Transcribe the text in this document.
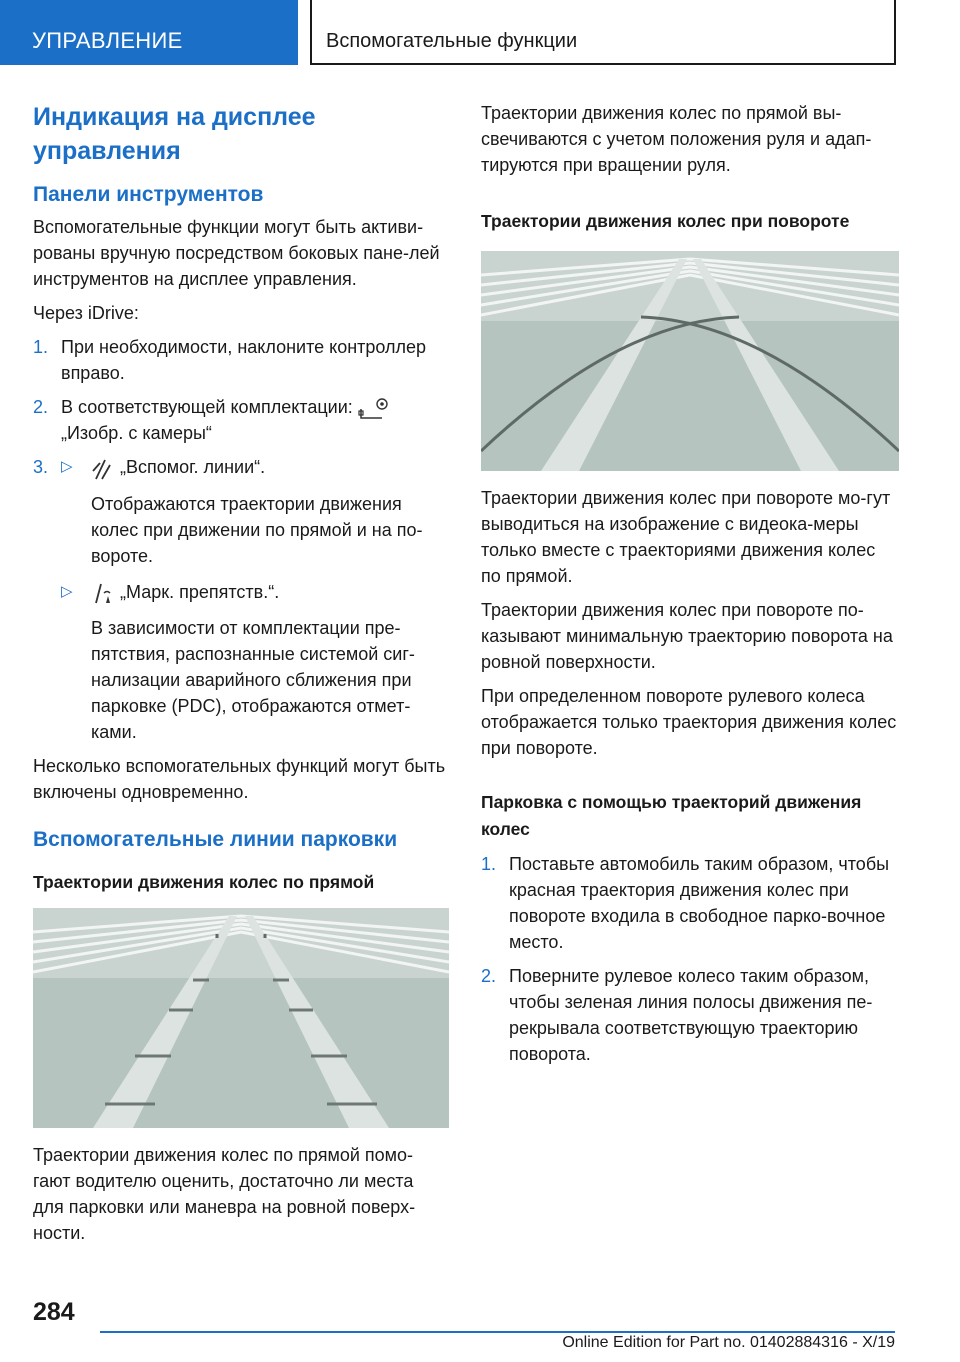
УПРАВЛЕНИЕ	Вспомогательные функции
Индикация на дисплее управления
Панели инструментов

Вспомогательные функции могут быть активи-рованы вручную посредством боковых пане-лей инструментов на дисплее управления.

Через iDrive:

1. При необходимости, наклоните контроллер вправо.
2. В соответствующей комплектации:
„Изобр. с камеры“
3. ▷	„Вспомог. линии“.
Отображаются траектории движения колес при движении по прямой и на по-вороте.
▷	„Марк. препятств.“.
В зависимости от комплектации пре-пятствия, распознанные системой сиг-нализации аварийного сближения при парковке (PDC), отображаются отмет-ками.

Несколько вспомогательных функций могут быть включены одновременно.

Вспомогательные линии парковки
Траектории движения колес по прямой

Траектории движения колес по прямой помо-гают водителю оценить, достаточно ли места для парковки или маневра на ровной поверх-ности.

Траектории движения колес по прямой вы-свечиваются с учетом положения руля и адап-тируются при вращении руля.

Траектории движения колес при повороте

Траектории движения колес при повороте мо-гут выводиться на изображение с видеока-меры только вместе с траекториями движения колес по прямой.

Траектории движения колес при повороте по-казывают минимальную траекторию поворота на ровной поверхности.

При определенном повороте рулевого колеса отображается только траектория движения колес при повороте.

Парковка с помощью траекторий движения колес
1. Поставьте автомобиль таким образом, чтобы красная траектория движения колес при повороте входила в свободное парко-вочное место.
2. Поверните рулевое колесо таким образом, чтобы зеленая линия полосы движения пе-рекрывала соответствующую траекторию поворота.
284
Online Edition for Part no. 01402884316 - X/19
